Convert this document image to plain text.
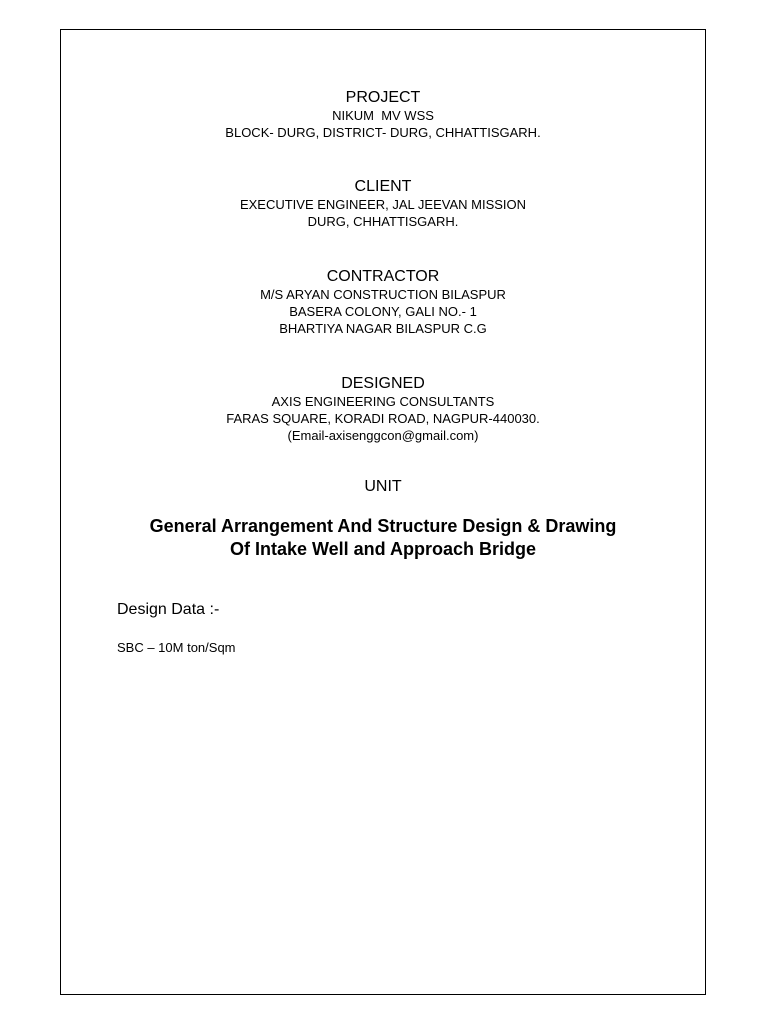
PROJECT
NIKUM  MV WSS
BLOCK- DURG, DISTRICT- DURG, CHHATTISGARH.
CLIENT
EXECUTIVE ENGINEER, JAL JEEVAN MISSION
DURG, CHHATTISGARH.
CONTRACTOR
M/S ARYAN CONSTRUCTION BILASPUR
BASERA COLONY, GALI NO.- 1
BHARTIYA NAGAR BILASPUR C.G
DESIGNED
AXIS ENGINEERING CONSULTANTS
FARAS SQUARE, KORADI ROAD, NAGPUR-440030.
(Email-axisenggcon@gmail.com)
UNIT
General Arrangement And Structure Design & Drawing
Of Intake Well and Approach Bridge
Design Data :-
SBC – 10M ton/Sqm
